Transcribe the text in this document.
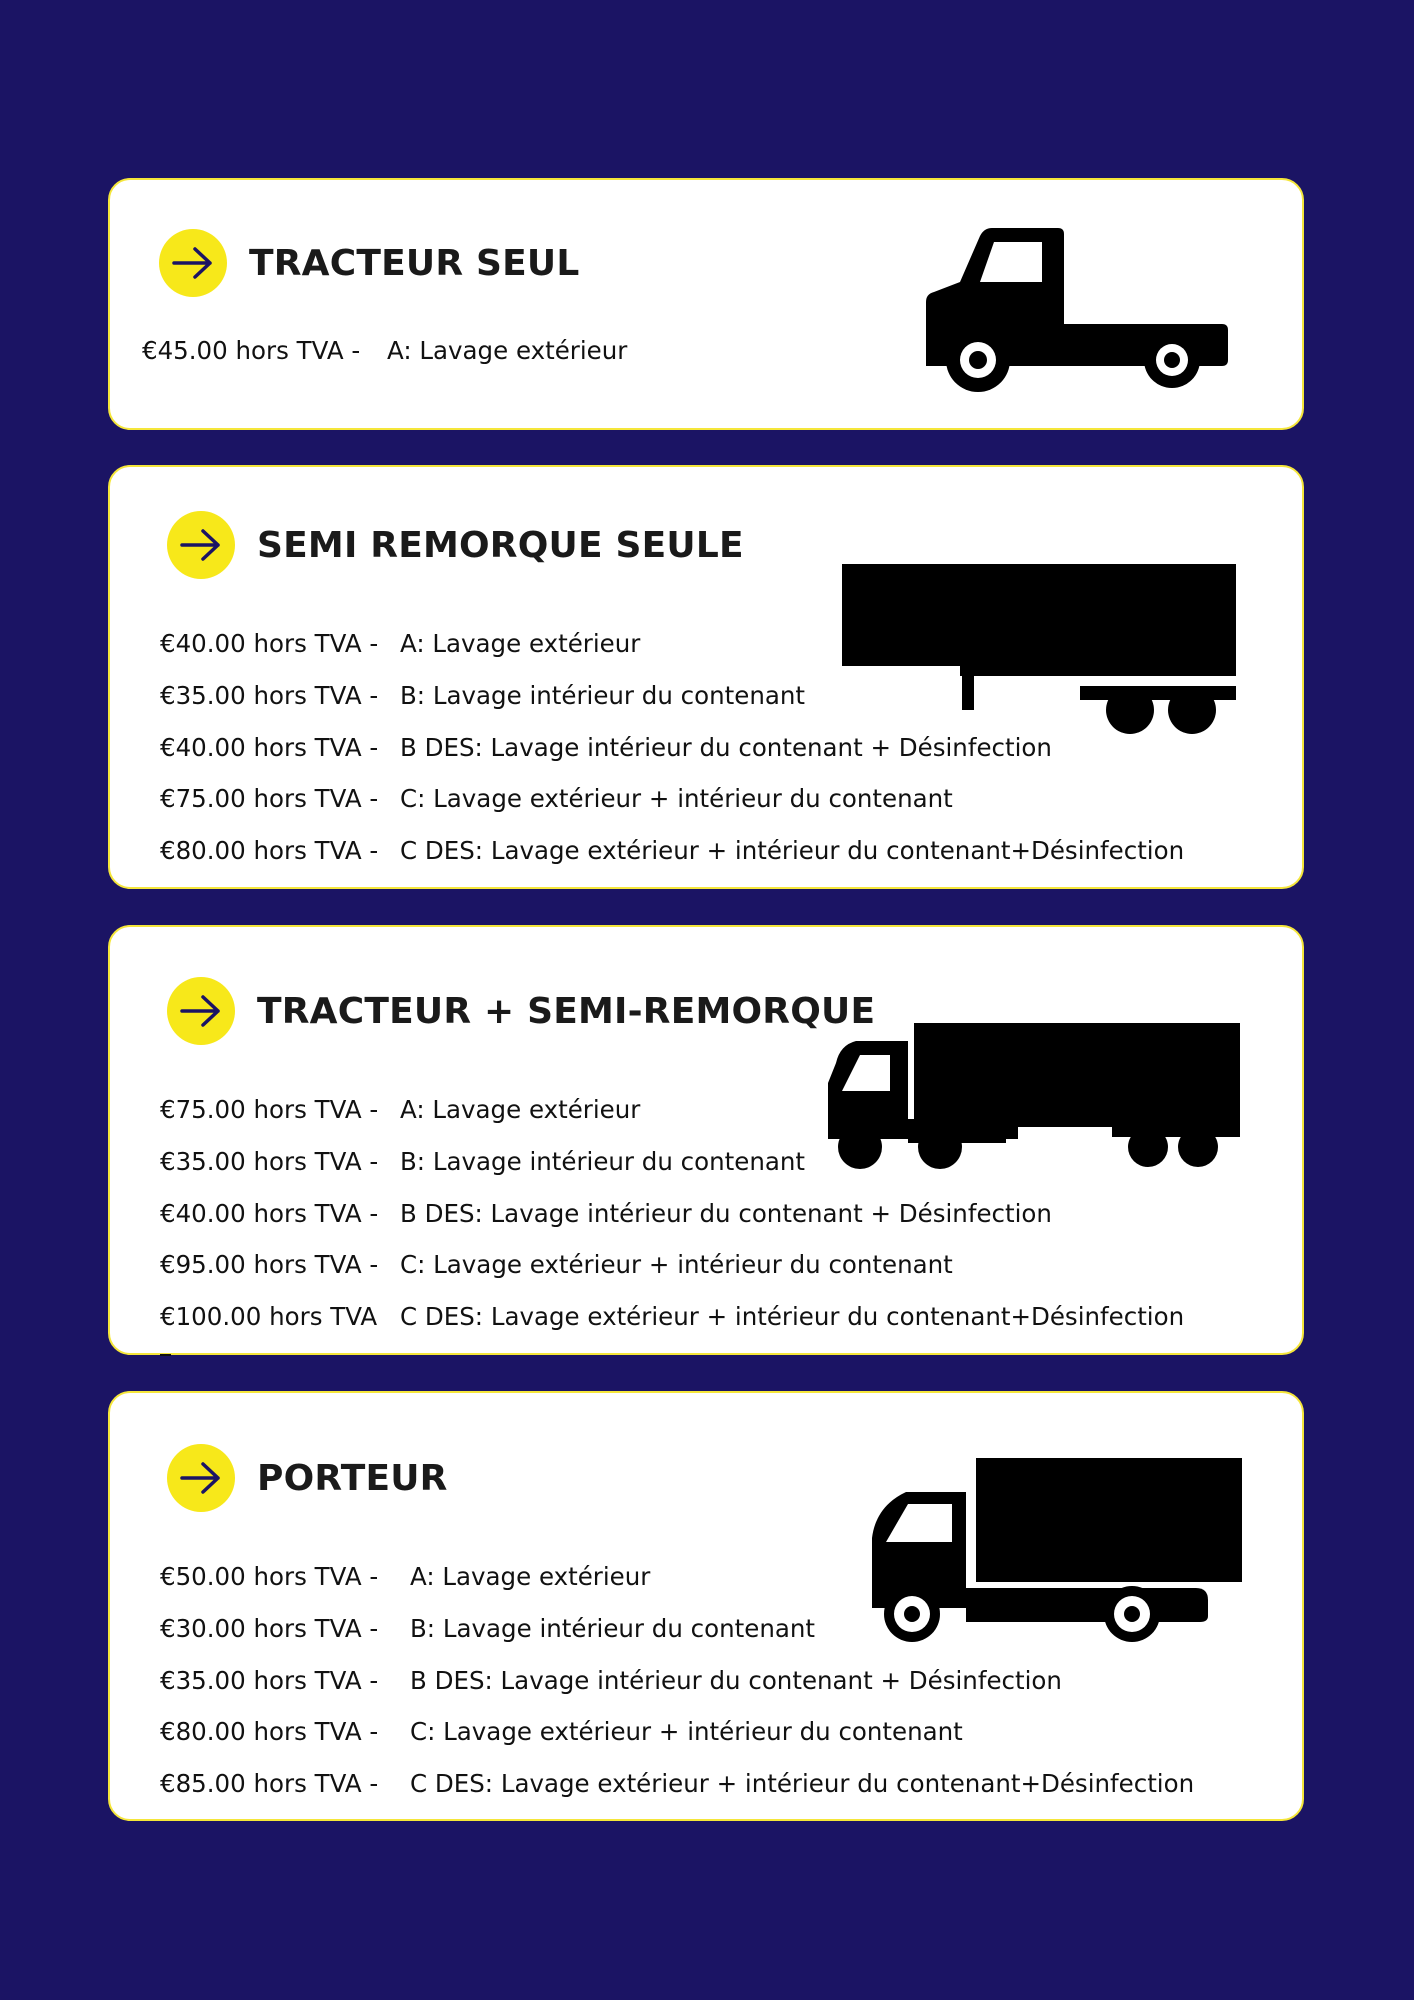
TRACTEUR SEUL
€45.00 hors TVA -	A: Lavage extérieur
SEMI REMORQUE SEULE
€40.00 hors TVA - A: Lavage extérieur
€35.00 hors TVA - B: Lavage intérieur du contenant
€40.00 hors TVA - B DES: Lavage intérieur du contenant + Désinfection
€75.00 hors TVA - C: Lavage extérieur + intérieur du contenant
€80.00 hors TVA - C DES: Lavage extérieur + intérieur du contenant+Désinfection
TRACTEUR + SEMI-REMORQUE
€75.00 hors TVA - A: Lavage extérieur
€35.00 hors TVA - B: Lavage intérieur du contenant
€40.00 hors TVA - B DES: Lavage intérieur du contenant + Désinfection
€95.00 hors TVA - C: Lavage extérieur + intérieur du contenant
€100.00 hors TVA C DES: Lavage extérieur + intérieur du contenant+Désinfection
PORTEUR
€50.00 hors TVA -	A: Lavage extérieur
€30.00 hors TVA -	B: Lavage intérieur du contenant
€35.00 hors TVA -	B DES: Lavage intérieur du contenant + Désinfection
€80.00 hors TVA -	C: Lavage extérieur + intérieur du contenant
€85.00 hors TVA -	C DES: Lavage extérieur + intérieur du contenant+Désinfection
